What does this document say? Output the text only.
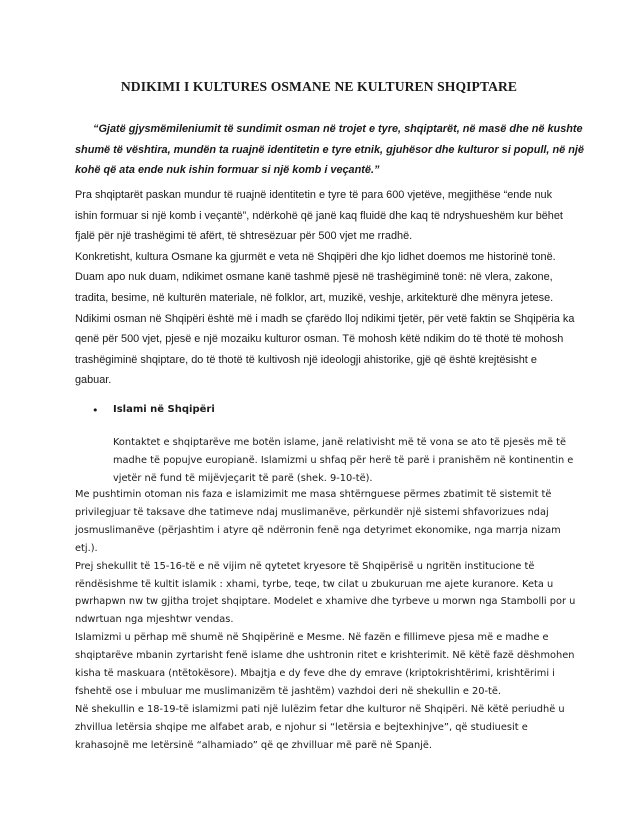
NDIKIMI I KULTURES OSMANE NE KULTUREN SHQIPTARE
“Gjatë gjysmëmileniumit të sundimit osman në trojet e tyre, shqiptarët, në masë dhe në kushte
shumë të vështira, mundën ta ruajnë identitetin e tyre etnik, gjuhësor dhe kulturor si popull, në një
kohë që ata ende nuk ishin formuar si një komb i veçantë.”
Pra shqiptarët paskan mundur të ruajnë identitetin e tyre të para 600 vjetëve, megjithëse “ende nuk
ishin formuar si një komb i veçantë”, ndërkohë që janë kaq fluidë dhe kaq të ndryshueshëm kur bëhet
fjalë për një trashëgimi të afërt, të shtresëzuar për 500 vjet me rradhë.
Konkretisht, kultura Osmane ka gjurmët e veta në Shqipëri dhe kjo lidhet doemos me historinë tonë.
Duam apo nuk duam, ndikimet osmane kanë tashmë pjesë në trashëgiminë tonë: në vlera, zakone,
tradita, besime, në kulturën materiale, në folklor, art, muzikë, veshje, arkitekturë dhe mënyra jetese.
Ndikimi osman në Shqipëri është më i madh se çfarëdo lloj ndikimi tjetër, për vetë faktin se Shqipëria ka
qenë për 500 vjet, pjesë e një mozaiku kulturor osman. Të mohosh këtë ndikim do të thotë të mohosh
trashëgiminë shqiptare, do të thotë të kultivosh një ideologji ahistorike, gjë që është krejtësisht e
gabuar.
• Islami në Shqipëri
Kontaktet e shqiptarëve me botën islame, janë relativisht më të vona se ato të pjesës më të
madhe të popujve europianë. Islamizmi u shfaq për herë të parë i pranishëm në kontinentin e
vjetër në fund të mijëvjeçarit të parë (shek. 9-10-të).
Me pushtimin otoman nis faza e islamizimit me masa shtërnguese përmes zbatimit të sistemit të
privilegjuar të taksave dhe tatimeve ndaj muslimanëve, përkundër një sistemi shfavorizues ndaj
josmuslimanëve (përjashtim i atyre që ndërronin fenë nga detyrimet ekonomike, nga marrja nizam
etj.).
Prej shekullit të 15-16-të e në vijim në qytetet kryesore të Shqipërisë u ngritën institucione të
rëndësishme të kultit islamik : xhami, tyrbe, teqe, tw cilat u zbukuruan me ajete kuranore. Keta u
pwrhapwn nw tw gjitha trojet shqiptare. Modelet e xhamive dhe tyrbeve u morwn nga Stambolli por u
ndwrtuan nga mjeshtwr vendas.
Islamizmi u përhap më shumë në Shqipërinë e Mesme. Në fazën e fillimeve pjesa më e madhe e
shqiptarëve mbanin zyrtarisht fenë islame dhe ushtronin ritet e krishterimit. Në këtë fazë dëshmohen
kisha të maskuara (ntëtokësore). Mbajtja e dy feve dhe dy emrave (kriptokrishtërimi, krishtërimi i
fshehtë ose i mbuluar me muslimanizëm të jashtëm) vazhdoi deri në shekullin e 20-të.
Në shekullin e 18-19-të islamizmi pati një lulëzim fetar dhe kulturor në Shqipëri. Në këtë periudhë u
zhvillua letërsia shqipe me alfabet arab, e njohur si “letërsia e bejtexhinjve”, që studiuesit e
krahasojnë me letërsinë “alhamiado” që qe zhvilluar më parë në Spanjë.
